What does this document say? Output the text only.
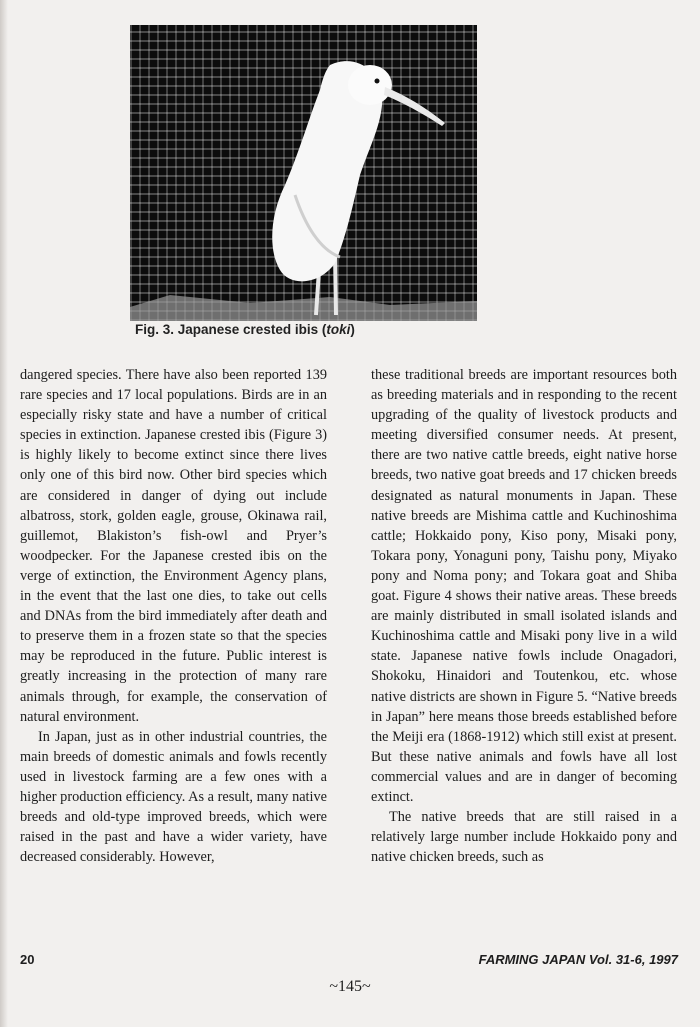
Fig. 3. Japanese crested ibis (toki)

dangered species. There have also been reported 139 rare species and 17 local populations. Birds are in an especially risky state and have a number of critical species in extinction. Japanese crested ibis (Figure 3) is highly likely to become extinct since there lives only one of this bird now. Other bird species which are considered in danger of dying out include albatross, stork, golden eagle, grouse, Okinawa rail, guillemot, Blakiston’s fish-owl and Pryer’s woodpecker. For the Japanese crested ibis on the verge of extinction, the Environment Agency plans, in the event that the last one dies, to take out cells and DNAs from the bird immediately after death and to preserve them in a frozen state so that the species may be reproduced in the future. Public interest is greatly increasing in the protection of many rare animals through, for example, the conservation of natural environment.

In Japan, just as in other industrial countries, the main breeds of domestic animals and fowls recently used in livestock farming are a few ones with a higher production efficiency. As a result, many native breeds and old-type improved breeds, which were raised in the past and have a wider variety, have decreased considerably. However,

these traditional breeds are important resources both as breeding materials and in responding to the recent upgrading of the quality of livestock products and meeting diversified consumer needs. At present, there are two native cattle breeds, eight native horse breeds, two native goat breeds and 17 chicken breeds designated as natural monuments in Japan. These native breeds are Mishima cattle and Kuchinoshima cattle; Hokkaido pony, Kiso pony, Misaki pony, Tokara pony, Yonaguni pony, Taishu pony, Miyako pony and Noma pony; and Tokara goat and Shiba goat. Figure 4 shows their native areas. These breeds are mainly distributed in small isolated islands and Kuchinoshima cattle and Misaki pony live in a wild state. Japanese native fowls include Onagadori, Shokoku, Hinaidori and Toutenkou, etc. whose native districts are shown in Figure 5. “Native breeds in Japan” here means those breeds established before the Meiji era (1868-1912) which still exist at present. But these native animals and fowls have all lost commercial values and are in danger of becoming extinct.

The native breeds that are still raised in a relatively large number include Hokkaido pony and native chicken breeds, such as

20	FARMING JAPAN Vol. 31-6, 1997
~145~
